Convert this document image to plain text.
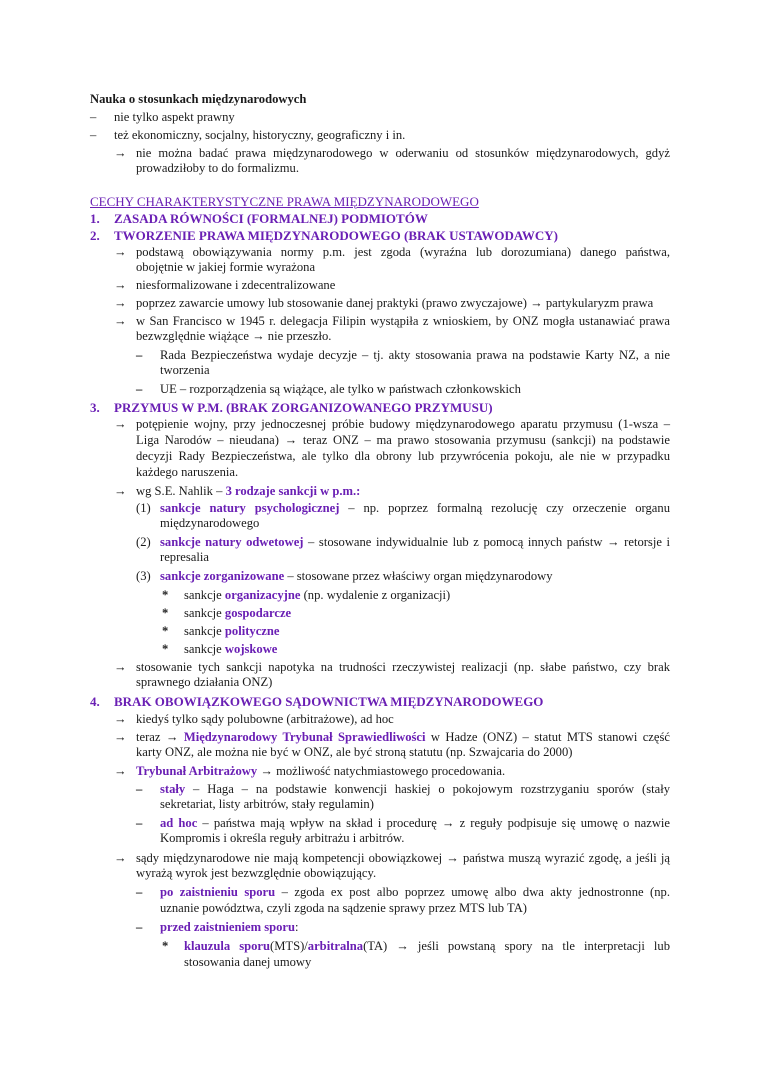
Nauka o stosunkach międzynarodowych
– nie tylko aspekt prawny
– też ekonomiczny, socjalny, historyczny, geograficzny i in.
→ nie można badać prawa międzynarodowego w oderwaniu od stosunków międzynarodowych, gdyż
prowadziłoby to do formalizmu.
CECHY CHARAKTERYSTYCZNE PRAWA MIĘDZYNARODOWEGO
1. ZASADA RÓWNOŚCI (FORMALNEJ) PODMIOTÓW
2. TWORZENIE PRAWA MIĘDZYNARODOWEGO (BRAK USTAWODAWCY)
→ podstawą obowiązywania normy p.m. jest zgoda (wyraźna lub dorozumiana) danego państwa,
obojętnie w jakiej formie wyrażona
→ niesformalizowane i zdecentralizowane
→ poprzez zawarcie umowy lub stosowanie danej praktyki (prawo zwyczajowe) → partykularyzm prawa
→ w San Francisco w 1945 r. delegacja Filipin wystąpiła z wnioskiem, by ONZ mogła ustanawiać prawa
bezwzględnie wiążące → nie przeszło.
– Rada Bezpieczeństwa wydaje decyzje – tj. akty stosowania prawa na podstawie Karty NZ, a nie
tworzenia
– UE – rozporządzenia są wiążące, ale tylko w państwach członkowskich
3. PRZYMUS W P.M. (BRAK ZORGANIZOWANEGO PRZYMUSU)
→ potępienie wojny, przy jednoczesnej próbie budowy międzynarodowego aparatu przymusu (1-wsza –
Liga Narodów – nieudana) → teraz ONZ – ma prawo stosowania przymusu (sankcji) na podstawie
decyzji Rady Bezpieczeństwa, ale tylko dla obrony lub przywrócenia pokoju, ale nie w przypadku
każdego naruszenia.
→ wg S.E. Nahlik – 3 rodzaje sankcji w p.m.:
(1) sankcje natury psychologicznej – np. poprzez formalną rezolucję czy orzeczenie organu
międzynarodowego
(2) sankcje natury odwetowej – stosowane indywidualnie lub z pomocą innych państw → retorsje i
represalia
(3) sankcje zorganizowane – stosowane przez właściwy organ międzynarodowy
* sankcje organizacyjne (np. wydalenie z organizacji)
* sankcje gospodarcze
* sankcje polityczne
* sankcje wojskowe
→ stosowanie tych sankcji napotyka na trudności rzeczywistej realizacji (np. słabe państwo, czy brak
sprawnego działania ONZ)
4. BRAK OBOWIĄZKOWEGO SĄDOWNICTWA MIĘDZYNARODOWEGO
→ kiedyś tylko sądy polubowne (arbitrażowe), ad hoc
→ teraz → Międzynarodowy Trybunał Sprawiedliwości w Hadze (ONZ) – statut MTS stanowi część
karty ONZ, ale można nie być w ONZ, ale być stroną statutu (np. Szwajcaria do 2000)
→ Trybunał Arbitrażowy → możliwość natychmiastowego procedowania.
– stały – Haga – na podstawie konwencji haskiej o pokojowym rozstrzyganiu sporów (stały
sekretariat, listy arbitrów, stały regulamin)
– ad hoc – państwa mają wpływ na skład i procedurę → z reguły podpisuje się umowę o nazwie
Kompromis i określa reguły arbitrażu i arbitrów.
→ sądy międzynarodowe nie mają kompetencji obowiązkowej → państwa muszą wyrazić zgodę, a jeśli ją
wyrażą wyrok jest bezwzględnie obowiązujący.
– po zaistnieniu sporu – zgoda ex post albo poprzez umowę albo dwa akty jednostronne (np.
uznanie powództwa, czyli zgoda na sądzenie sprawy przez MTS lub TA)
– przed zaistnieniem sporu:
* klauzula sporu(MTS)/arbitralna(TA) → jeśli powstaną spory na tle interpretacji lub
stosowania danej umowy
